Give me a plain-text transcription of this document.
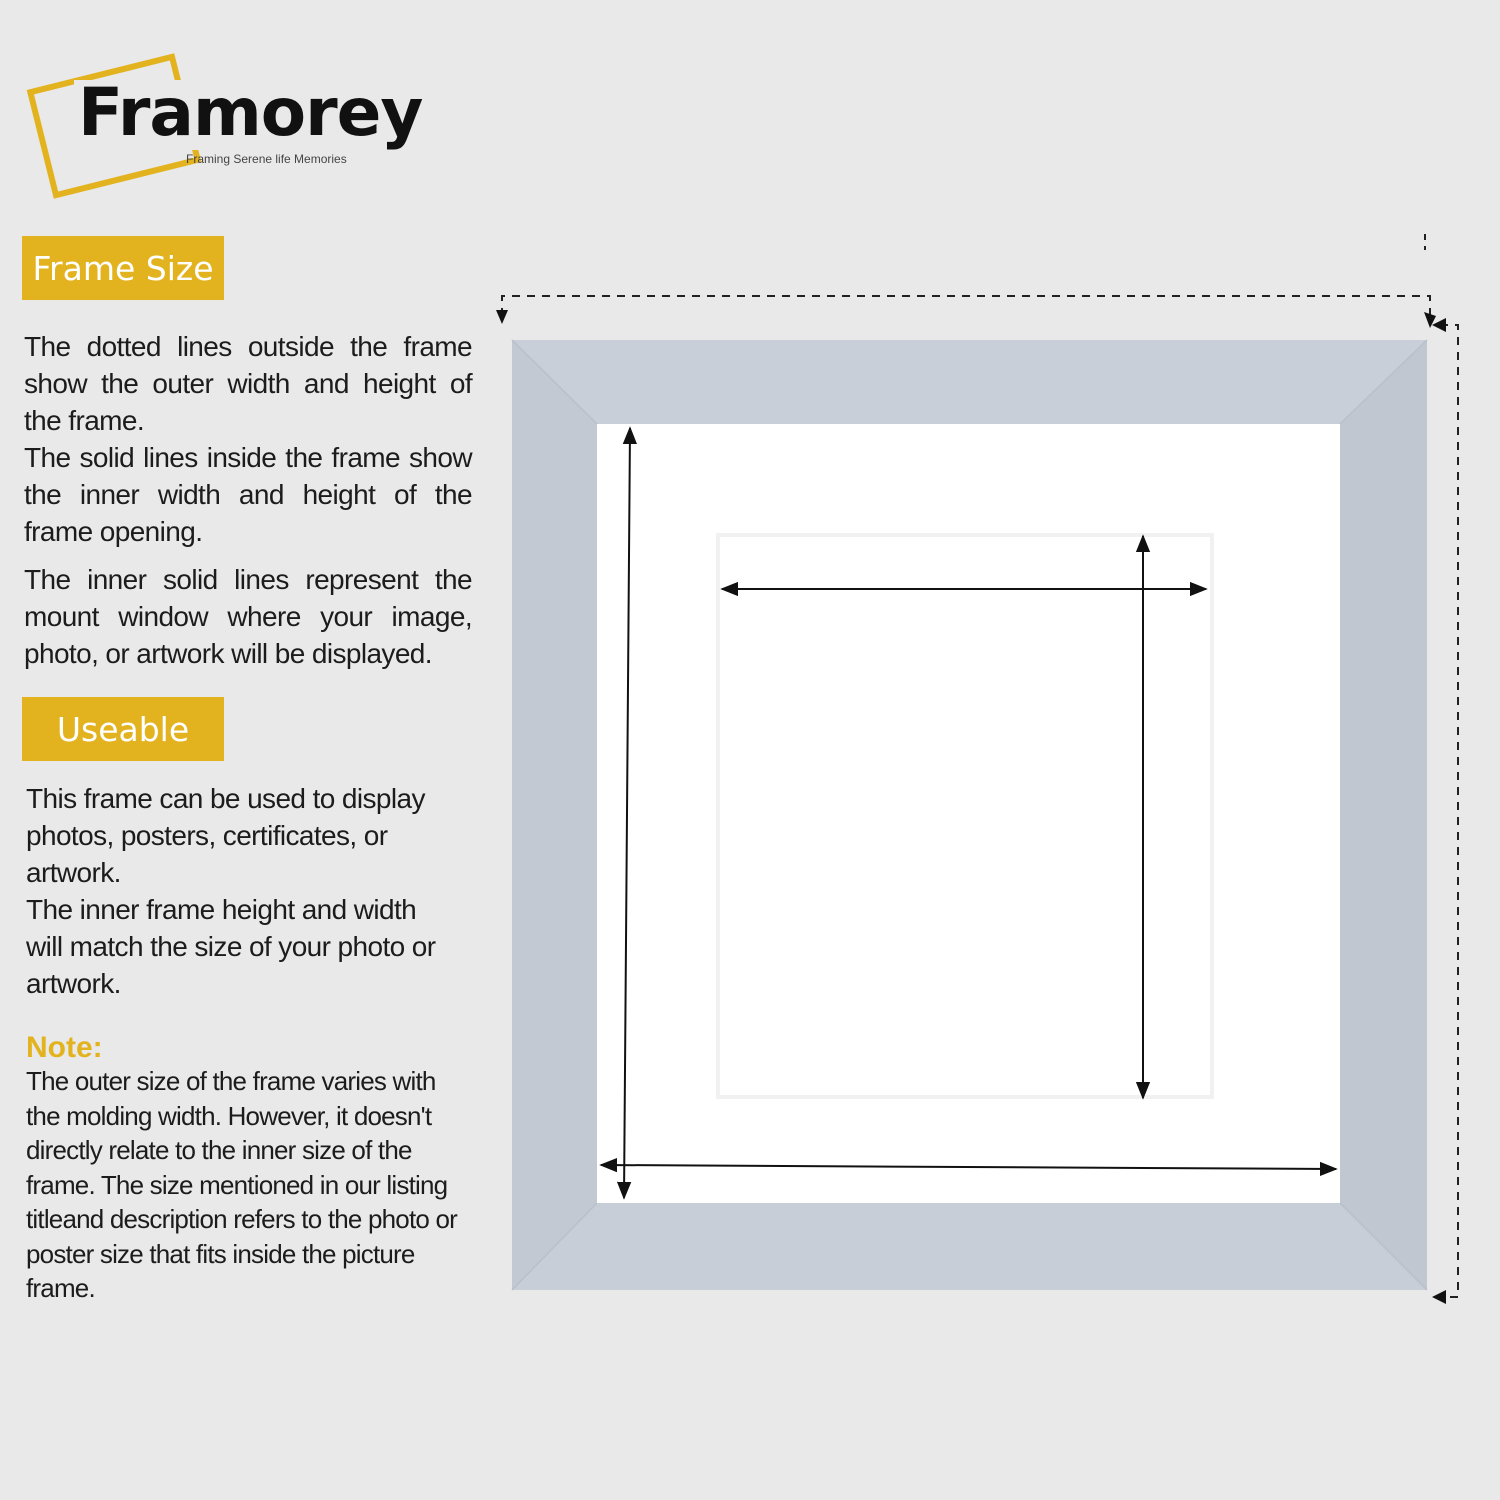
Framorey
Framing Serene life Memories
Frame Size
The dotted lines outside the frame show the outer width and height of the frame.
The solid lines inside the frame show the inner width and height of the frame opening.
The inner solid lines represent the mount window where your image, photo, or artwork will be displayed.
Useable
This frame can be used to display photos, posters, certificates, or artwork.
The inner frame height and width will match the size of your photo or artwork.
Note:
The outer size of the frame varies with the molding width. However, it doesn't directly relate to the inner size of the frame. The size mentioned in our listing titleand description refers to the photo or poster size that fits inside the picture frame.
